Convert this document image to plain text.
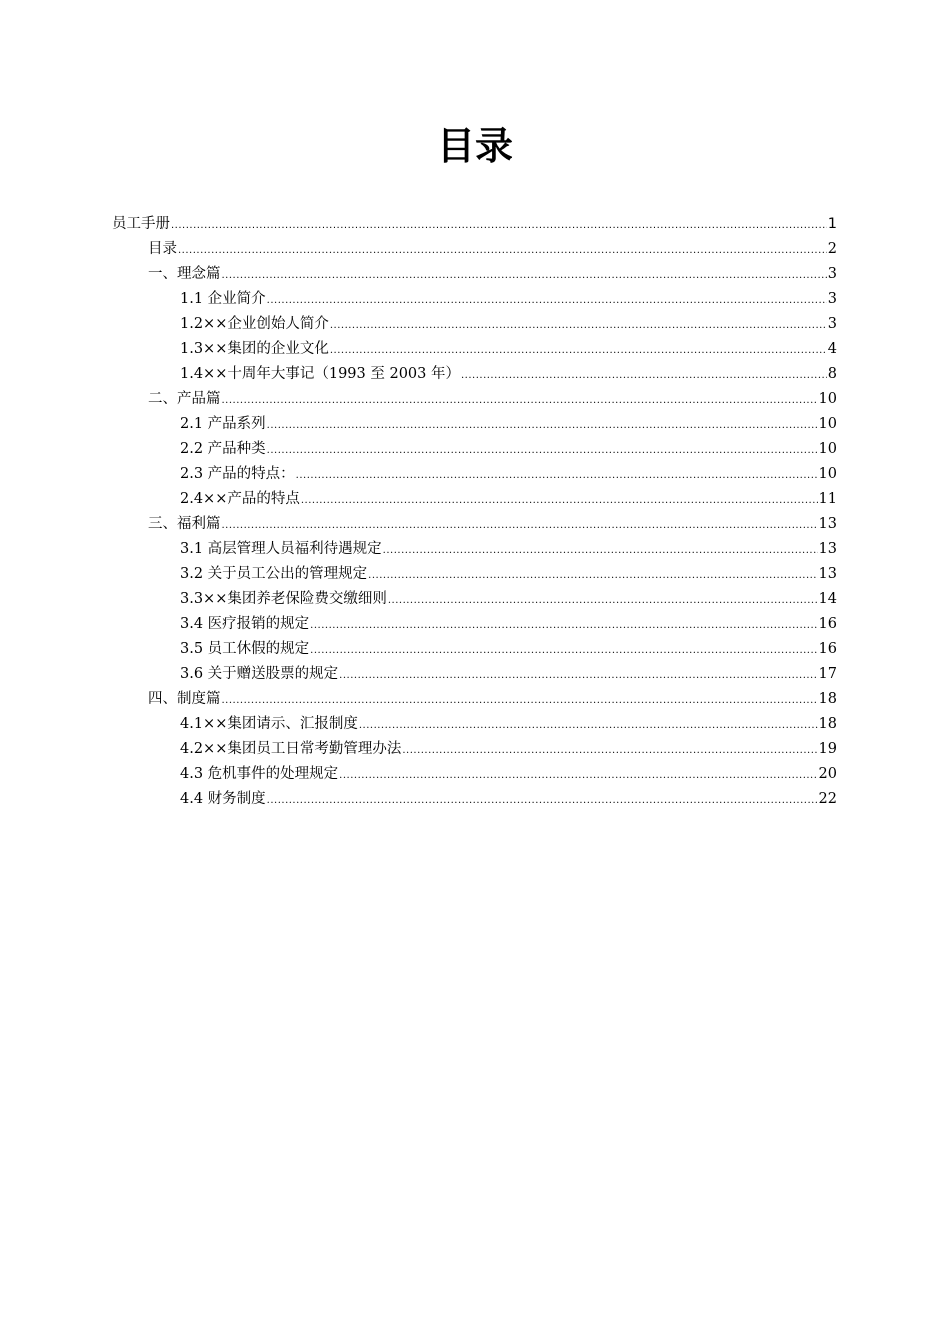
目录
员工手册 .....	1
目录 .....	2
一、理念篇 .....	3
1.1 企业简介 .....	3
1.2××企业创始人简介 .....	3
1.3××集团的企业文化 .....	4
1.4××十周年大事记（1993 至 2003 年） .....	8
二、产品篇 .....	10
2.1 产品系列 .....	10
2.2 产品种类 .....	10
2.3 产品的特点： .....	10
2.4××产品的特点 .....	11
三、福利篇 .....	13
3.1 高层管理人员福利待遇规定 .....	13
3.2 关于员工公出的管理规定 .....	13
3.3××集团养老保险费交缴细则 .....	14
3.4 医疗报销的规定 .....	16
3.5 员工休假的规定 .....	16
3.6 关于赠送股票的规定 .....	17
四、制度篇 .....	18
4.1××集团请示、汇报制度 .....	18
4.2××集团员工日常考勤管理办法 .....	19
4.3 危机事件的处理规定 .....	20
4.4 财务制度 .....	22
